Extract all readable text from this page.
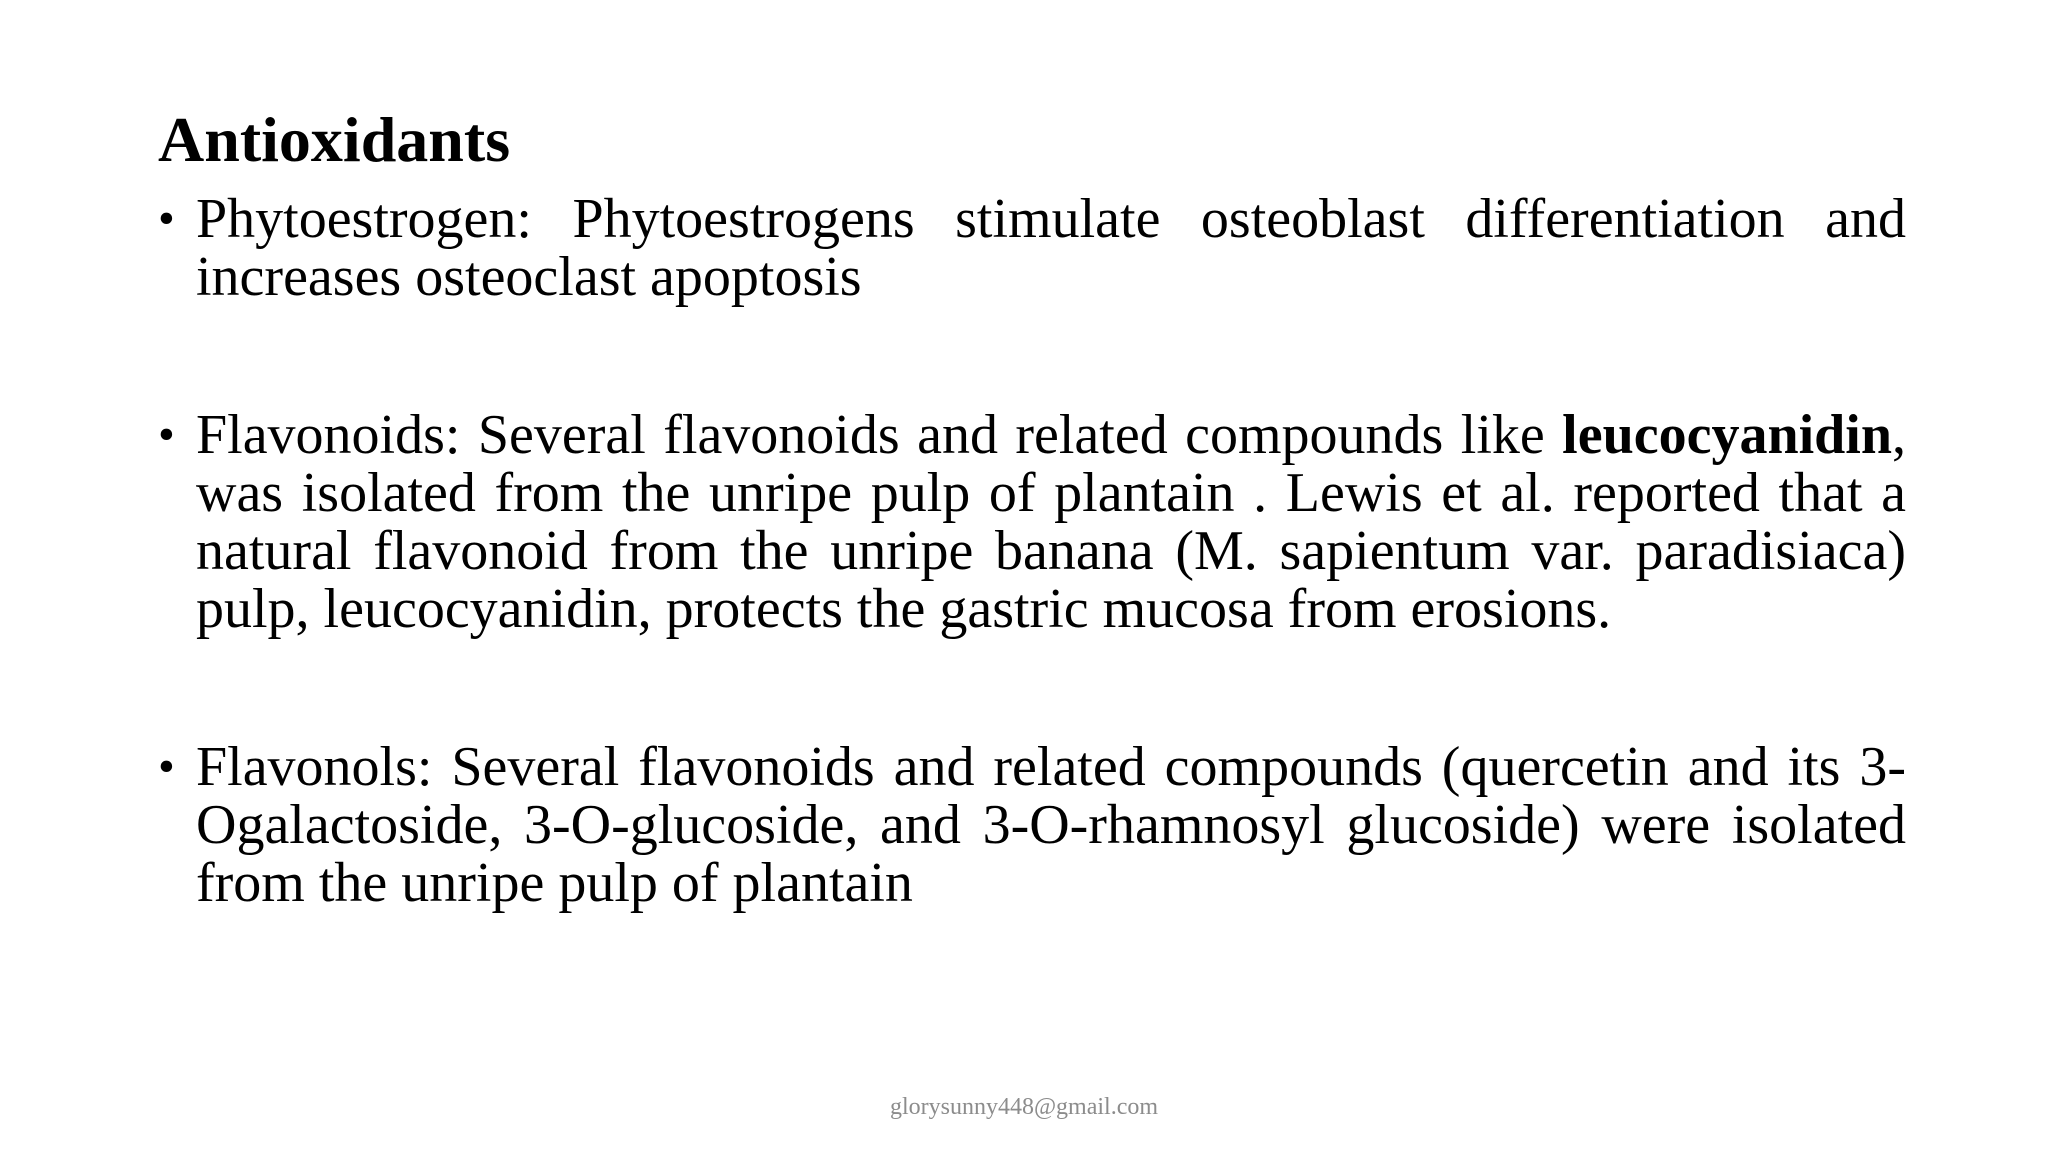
Antioxidants
• Phytoestrogen: Phytoestrogens stimulate osteoblast differentiation and increases osteoclast apoptosis
• Flavonoids: Several flavonoids and related compounds like leucocyanidin, was isolated from the unripe pulp of plantain . Lewis et al. reported that a natural flavonoid from the unripe banana (M. sapientum var. paradisiaca) pulp, leucocyanidin, protects the gastric mucosa from erosions.
• Flavonols: Several flavonoids and related compounds (quercetin and its 3-Ogalactoside, 3-O-glucoside, and 3-O-rhamnosyl glucoside) were isolated from the unripe pulp of plantain
glorysunny448@gmail.com
